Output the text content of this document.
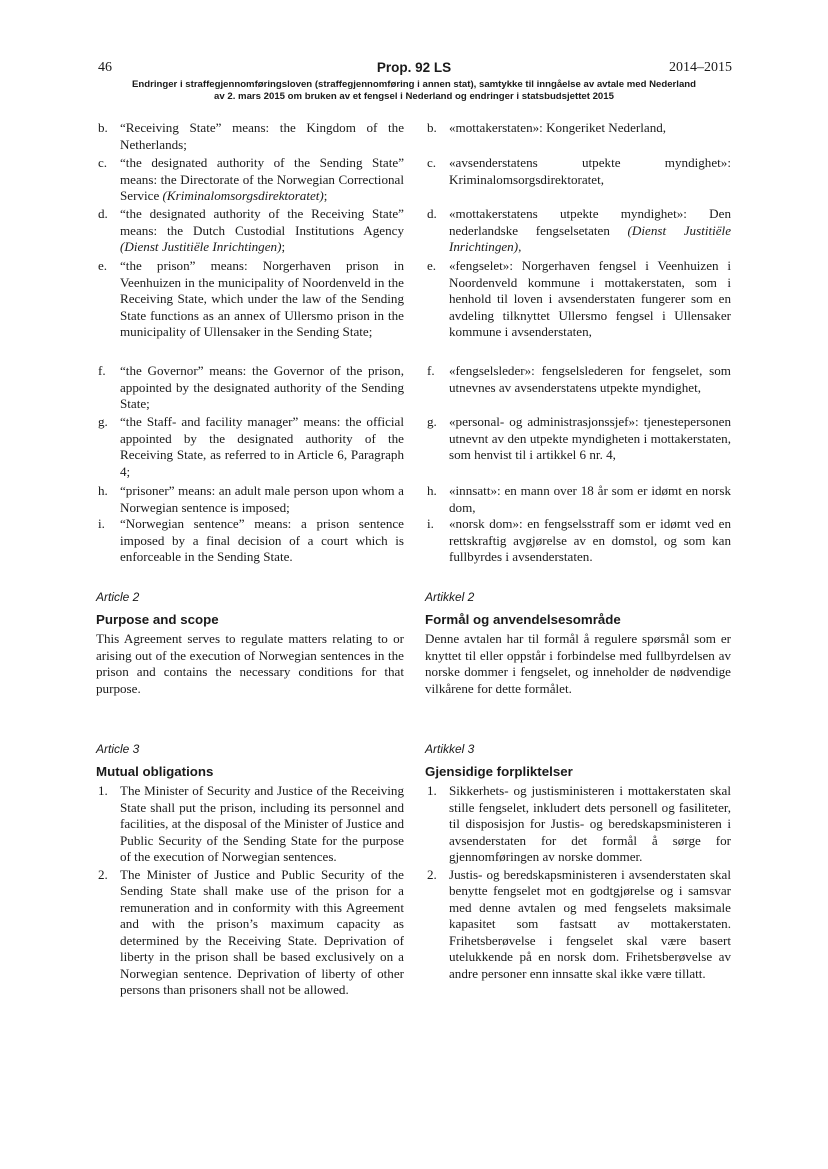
46	Prop. 92 LS	2014–2015
Endringer i straffegjennomføringsloven (straffegjennomføring i annen stat), samtykke til inngåelse av avtale med Nederland
av 2. mars 2015 om bruken av et fengsel i Nederland og endringer i statsbudsjettet 2015
b. “Receiving State” means: the Kingdom of the Netherlands;
c. “the designated authority of the Sending State” means: the Directorate of the Norwegian Correctional Service (Kriminalomsorgsdirektoratet);
d. “the designated authority of the Receiving State” means: the Dutch Custodial Institutions Agency (Dienst Justitiële Inrichtingen);
e. “the prison” means: Norgerhaven prison in Veenhuizen in the municipality of Noordenveld in the Receiving State, which under the law of the Sending State functions as an annex of Ullersmo prison in the municipality of Ullensaker in the Sending State;
f. “the Governor” means: the Governor of the prison, appointed by the designated authority of the Sending State;
g. “the Staff- and facility manager” means: the official appointed by the designated authority of the Receiving State, as referred to in Article 6, Paragraph 4;
h. “prisoner” means: an adult male person upon whom a Norwegian sentence is imposed;
i. “Norwegian sentence” means: a prison sentence imposed by a final decision of a court which is enforceable in the Sending State.
Article 2
Purpose and scope
This Agreement serves to regulate matters relating to or arising out of the execution of Norwegian sentences in the prison and contains the necessary conditions for that purpose.
Article 3
Mutual obligations
1. The Minister of Security and Justice of the Receiving State shall put the prison, including its personnel and facilities, at the disposal of the Minister of Justice and Public Security of the Sending State for the purpose of the execution of Norwegian sentences.
2. The Minister of Justice and Public Security of the Sending State shall make use of the prison for a remuneration and in conformity with this Agreement and with the prison’s maximum capacity as determined by the Receiving State. Deprivation of liberty in the prison shall be based exclusively on a Norwegian sentence. Deprivation of liberty of other persons than prisoners shall not be allowed.
b. «mottakerstaten»: Kongeriket Nederland,
c. «avsenderstatens utpekte myndighet»: Kriminalomsorgsdirektoratet,
d. «mottakerstatens utpekte myndighet»: Den nederlandske fengselsetaten (Dienst Justitiële Inrichtingen),
e. «fengselet»: Norgerhaven fengsel i Veenhuizen i Noordenveld kommune i mottakerstaten, som i henhold til loven i avsenderstaten fungerer som en avdeling tilknyttet Ullersmo fengsel i Ullensaker kommune i avsenderstaten,
f. «fengselsleder»: fengselslederen for fengselet, som utnevnes av avsenderstatens utpekte myndighet,
g. «personal- og administrasjonssjef»: tjenestepersonen utnevnt av den utpekte myndigheten i mottakerstaten, som henvist til i artikkel 6 nr. 4,
h. «innsatt»: en mann over 18 år som er idømt en norsk dom,
i. «norsk dom»: en fengselsstraff som er idømt ved en rettskraftig avgjørelse av en domstol, og som kan fullbyrdes i avsenderstaten.
Artikkel 2
Formål og anvendelsesområde
Denne avtalen har til formål å regulere spørsmål som er knyttet til eller oppstår i forbindelse med fullbyrdelsen av norske dommer i fengselet, og inneholder de nødvendige vilkårene for dette formålet.
Artikkel 3
Gjensidige forpliktelser
1. Sikkerhets- og justisministeren i mottakerstaten skal stille fengselet, inkludert dets personell og fasiliteter, til disposisjon for Justis- og beredskapsministeren i avsenderstaten for det formål å sørge for gjennomføringen av norske dommer.
2. Justis- og beredskapsministeren i avsenderstaten skal benytte fengselet mot en godtgjørelse og i samsvar med denne avtalen og med fengselets maksimale kapasitet som fastsatt av mottakerstaten. Frihetsberøvelse i fengselet skal være basert utelukkende på en norsk dom. Frihetsberøvelse av andre personer enn innsatte skal ikke være tillatt.
